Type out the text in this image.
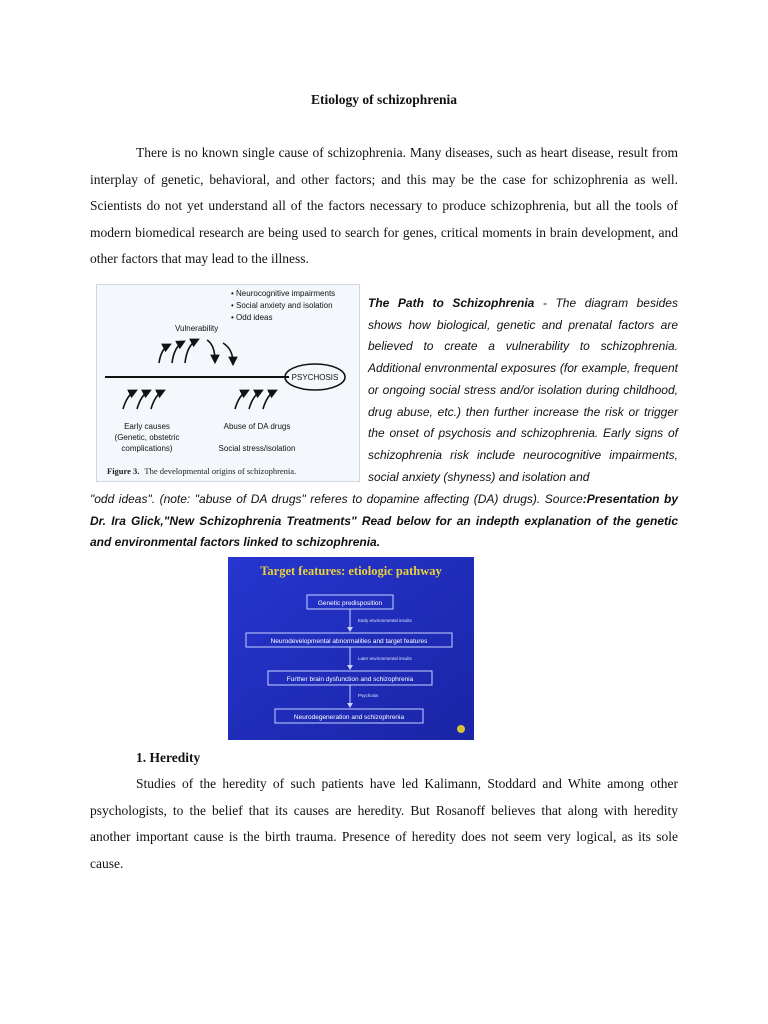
Etiology of schizophrenia

There is no known single cause of schizophrenia. Many diseases, such as heart disease, result from interplay of genetic, behavioral, and other factors; and this may be the case for schizophrenia as well. Scientists do not yet understand all of the factors necessary to produce schizophrenia, but all the tools of modern biomedical research are being used to search for genes, critical moments in brain development, and other factors that may lead to the illness.

• Neurocognitive impairments
• Social anxiety and isolation
• Odd ideas
Vulnerability
PSYCHOSIS
Early causes
(Genetic, obstetric
complications)
Abuse of DA drugs
Social stress/isolation
Figure 3. The developmental origins of schizophrenia.

The Path to Schizophrenia - The diagram besides shows how biological, genetic and prenatal factors are believed to create a vulnerability to schizophrenia. Additional envronmental exposures (for example, frequent or ongoing social stress and/or isolation during childhood, drug abuse, etc.) then further increase the risk or trigger the onset of psychosis and schizophrenia. Early signs of schizophrenia risk include neurocognitive impairments, social anxiety (shyness) and isolation and

"odd ideas". (note: "abuse of DA drugs" referes to dopamine affecting (DA) drugs). Source:Presentation by Dr. Ira Glick,"New Schizophrenia Treatments" Read below for an indepth explanation of the genetic and environmental factors linked to schizophrenia.

Target features: etiologic pathway
Genetic predisposition
Early environmental insults
Neurodevelopmental abnormalities and target features
Later environmental insults
Further brain dysfunction and schizophrenia
Psychosis
Neurodegeneration and schizophrenia
1. Heredity

Studies of the heredity of such patients have led Kalimann, Stoddard and White among other psychologists, to the belief that its causes are heredity. But Rosanoff believes that along with heredity another important cause is the birth trauma. Presence of heredity does not seem very logical, as its sole cause.
